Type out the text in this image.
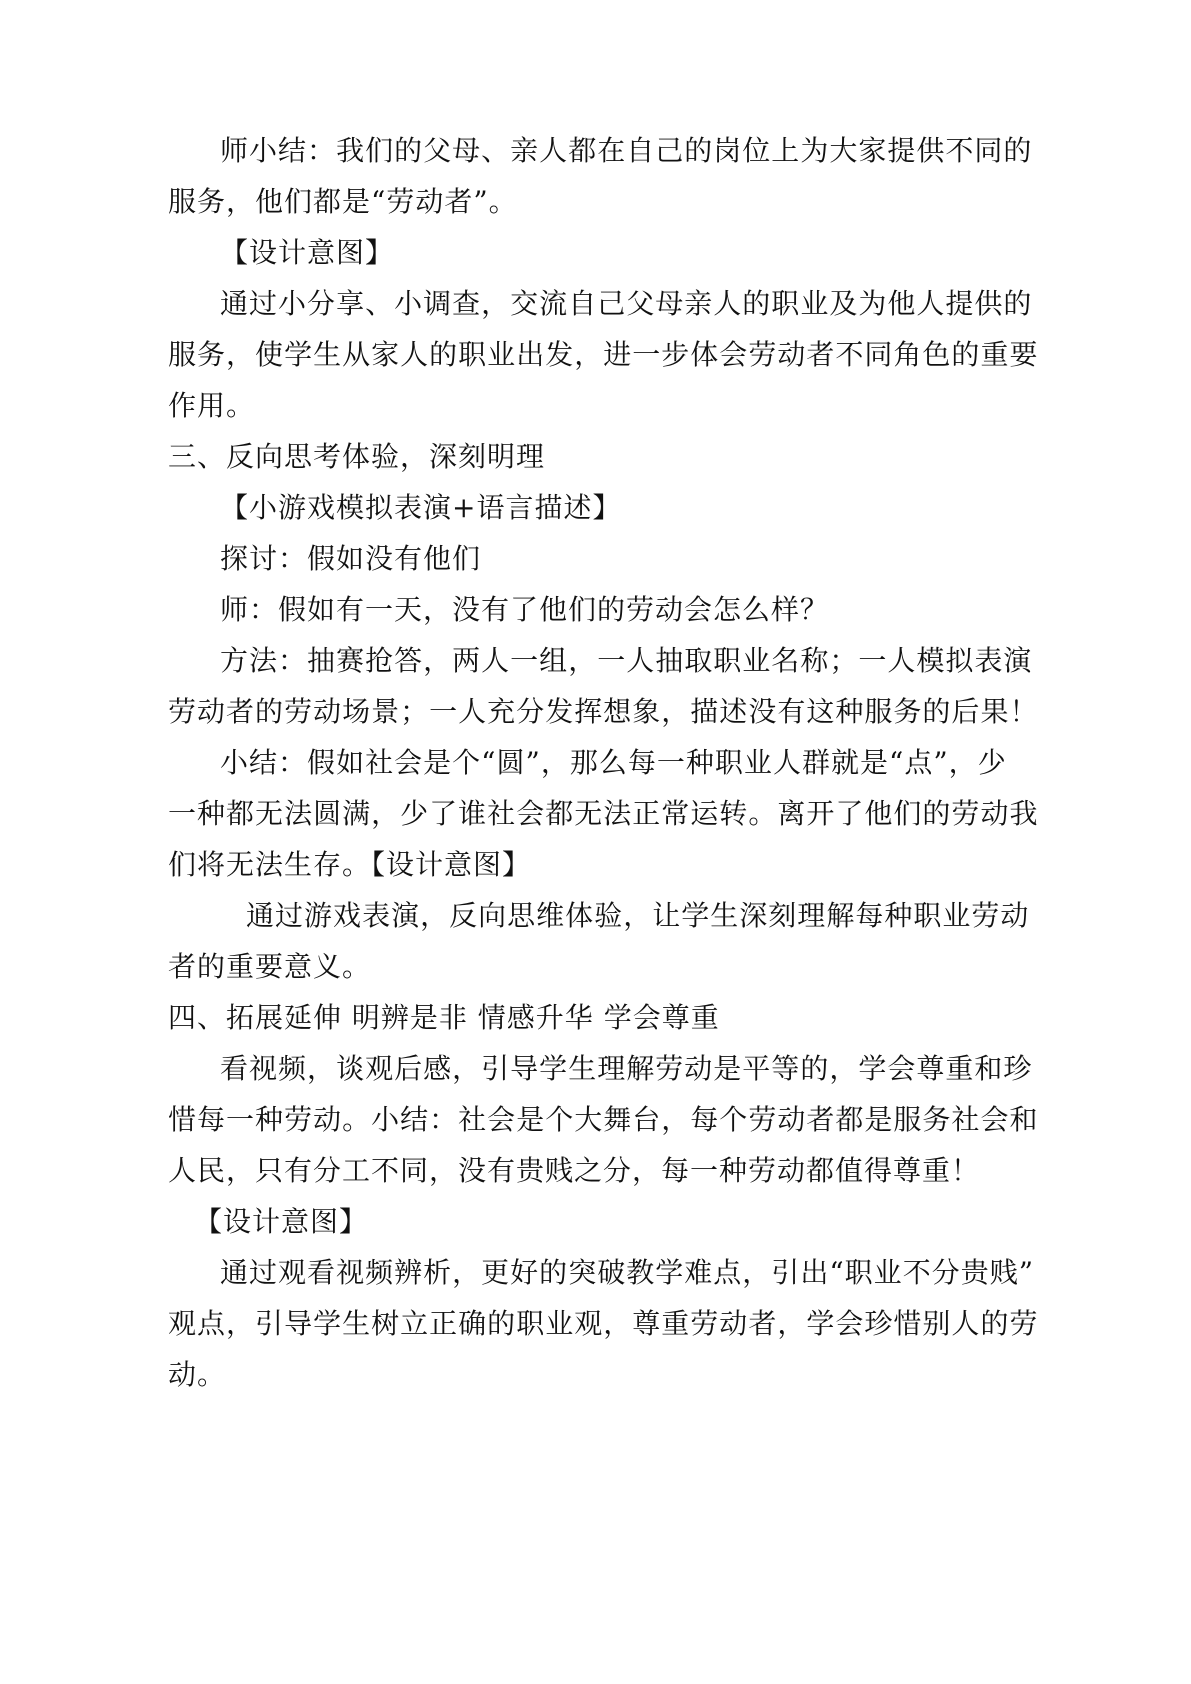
师 小 结 ： 我 们 的 父 母 、 亲 人 都 在 自 己 的 岗 位 上 为 大 家 提 供 不 同 的
服务，他们都是“劳动者”。
【设计意图】
通 过 小 分 享 、 小 调 查 ， 交 流 自 己 父 母 亲 人 的 职 业 及 为 他 人 提 供 的
服 务 ， 使 学 生 从 家 人 的 职 业 出 发 ， 进 一 步 体 会 劳 动 者 不 同 角 色 的 重 要
作用。
三、反向思考体验，深刻明理
【小游戏模拟表演+语言描述】
探讨：假如没有他们
师：假如有一天，没有了他们的劳动会怎么样？
方 法 ： 抽 赛 抢 答 ， 两 人 一 组 ， 一 人 抽 取 职 业 名 称 ； 一 人 模 拟 表 演
劳 动 者 的 劳 动 场 景 ； 一 人 充 分 发 挥 想 象 ， 描 述 没 有 这 种 服 务 的 后 果 ！
小 结 ： 假 如 社 会 是 个 “ 圆 ” ， 那 么 每 一 种 职 业 人 群 就 是 “ 点 ” ， 少
一 种 都 无 法 圆 满 ， 少 了 谁 社 会 都 无 法 正 常 运 转 。 离 开 了 他 们 的 劳 动 我
们将无法生存。【设计意图】
通 过 游 戏 表 演 ， 反 向 思 维 体 验 ， 让 学 生 深 刻 理 解 每 种 职 业 劳 动
者的重要意义。
四、拓展延伸 明辨是非 情感升华 学会尊重
看 视 频 ， 谈 观 后 感 ， 引 导 学 生 理 解 劳 动 是 平 等 的 ， 学 会 尊 重 和 珍
惜 每 一 种 劳 动 。 小 结 ： 社 会 是 个 大 舞 台 ， 每 个 劳 动 者 都 是 服 务 社 会 和
人民，只有分工不同，没有贵贱之分，每一种劳动都值得尊重！
【设计意图】
通 过 观 看 视 频 辨 析 ， 更 好 的 突 破 教 学 难 点 ， 引 出 “ 职 业 不 分 贵 贱 ”
观 点 ， 引 导 学 生 树 立 正 确 的 职 业 观 ， 尊 重 劳 动 者 ， 学 会 珍 惜 别 人 的 劳
动。
